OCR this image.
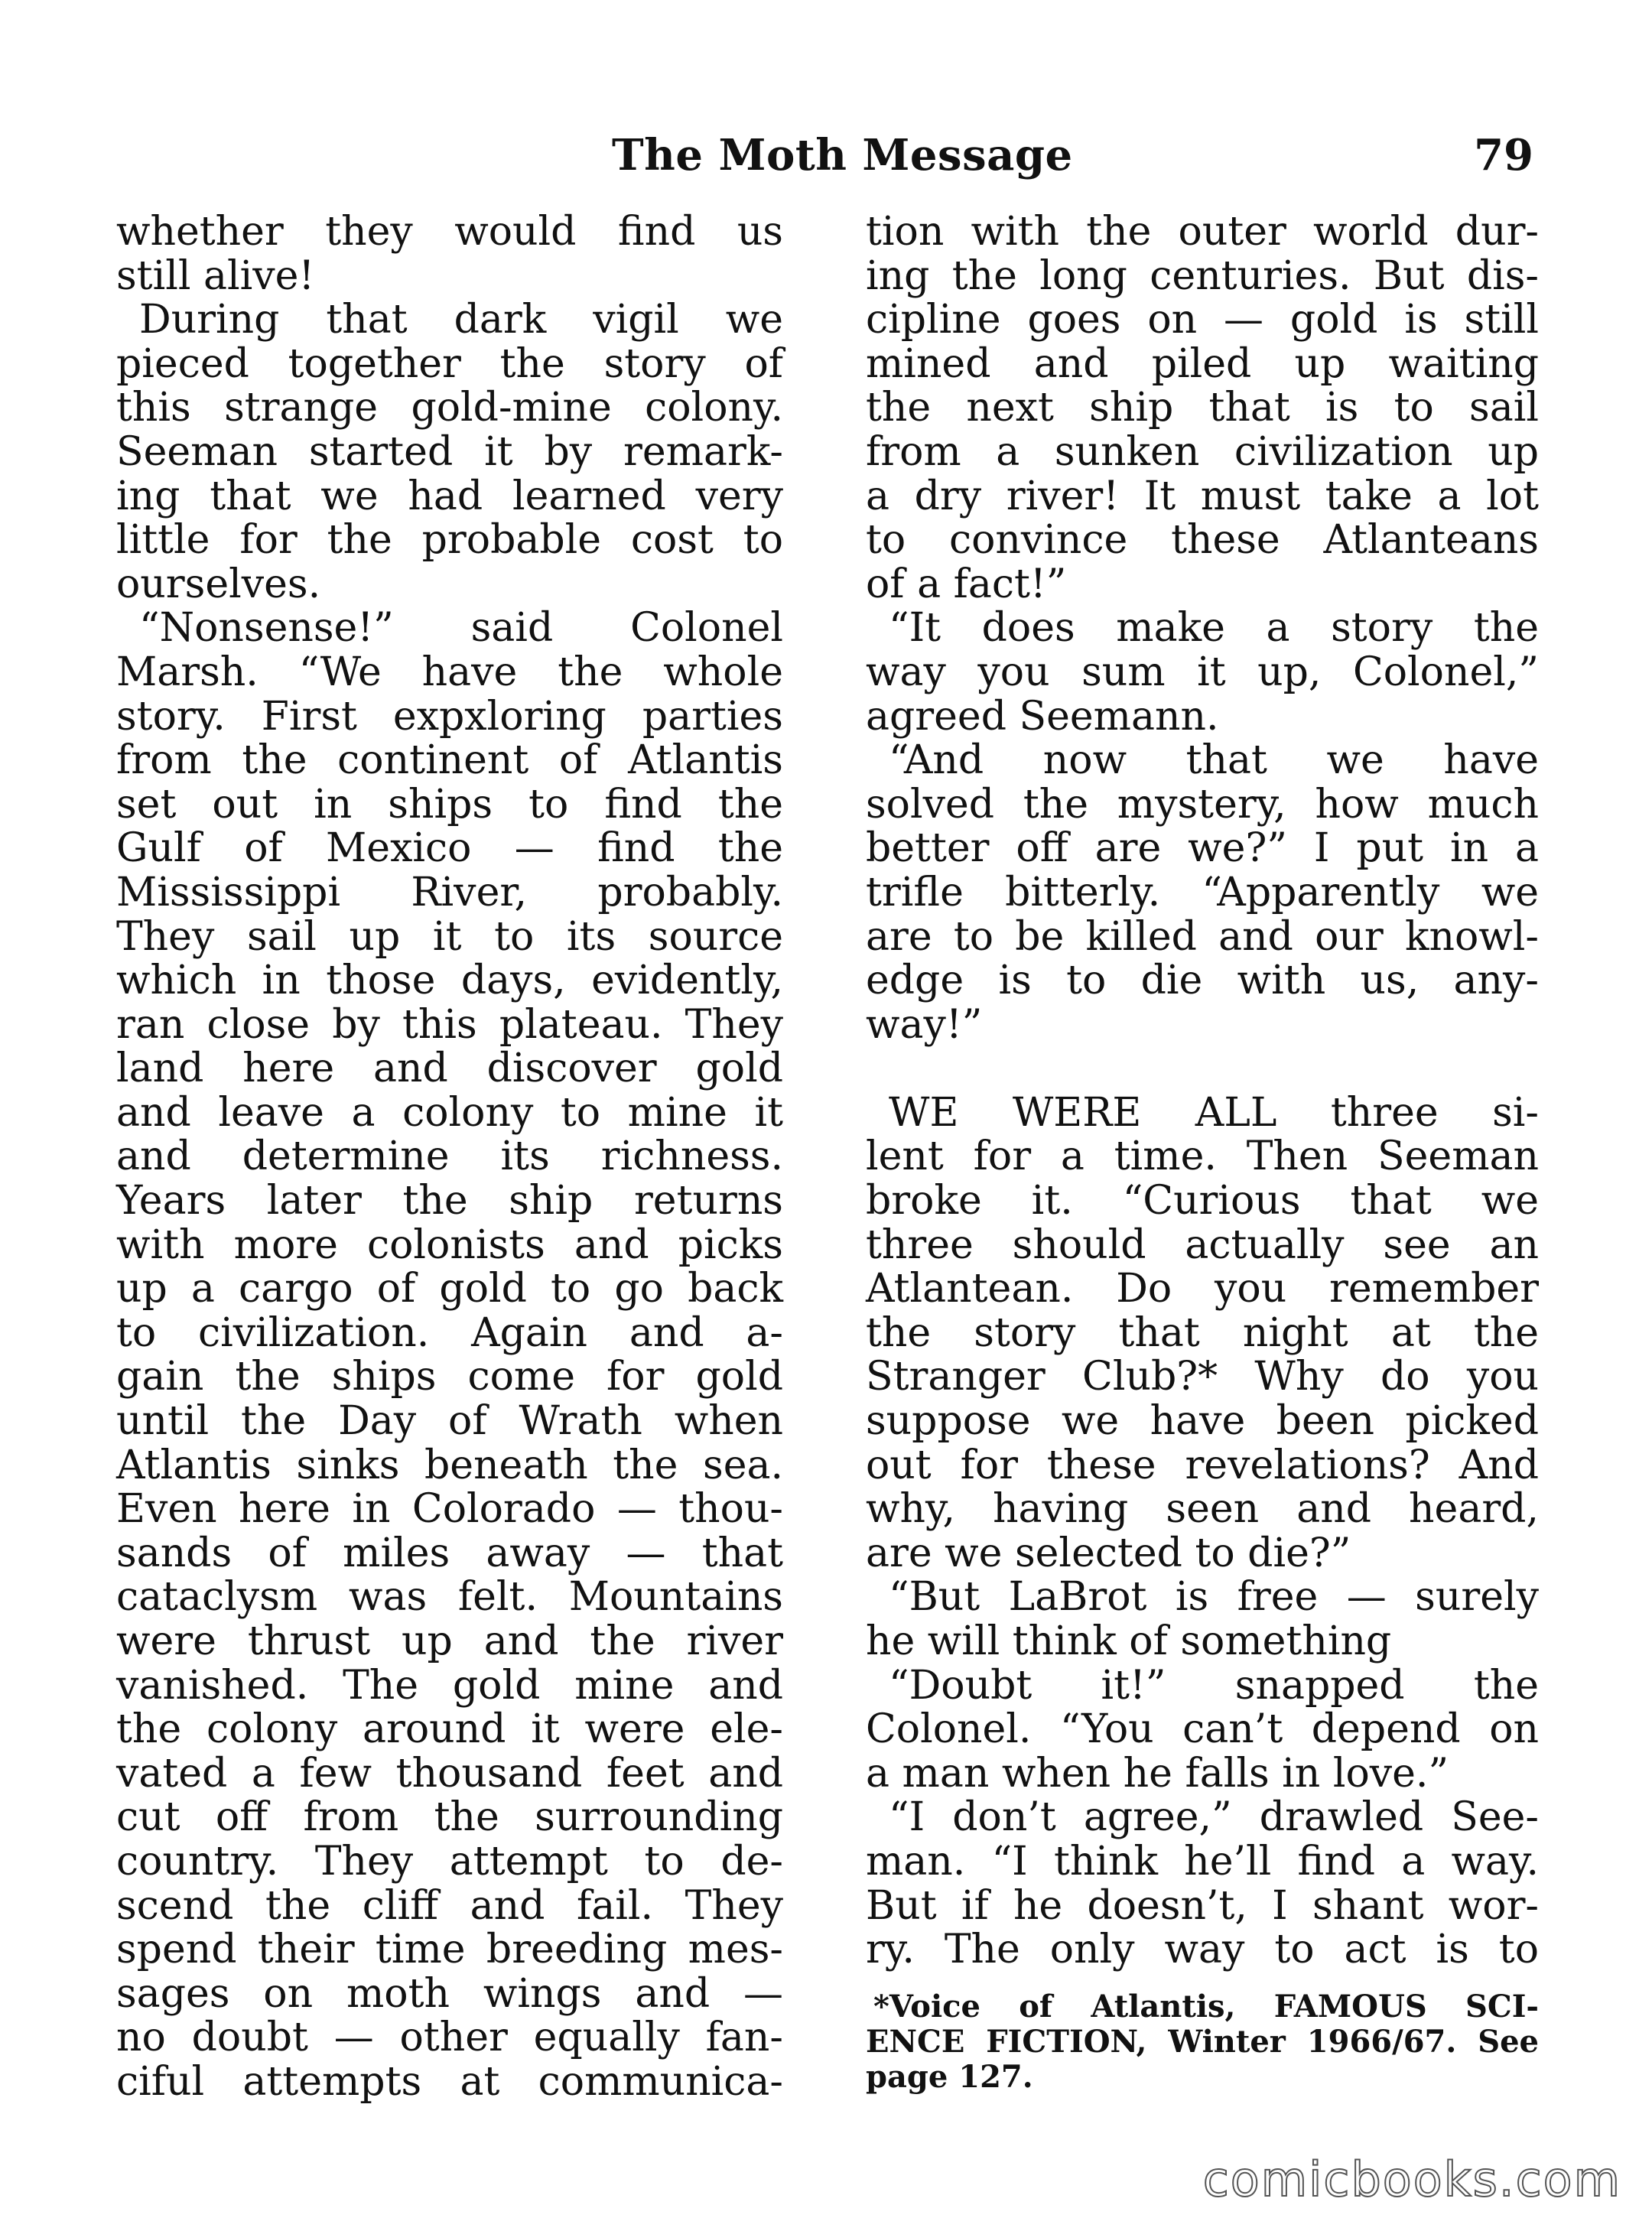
The Moth Message	79
whether they would find us
still alive!
During that dark vigil we
pieced together the story of
this strange gold-mine colony.
Seeman started it by remark-
ing that we had learned very
little for the probable cost to
ourselves.
“Nonsense!” said Colonel
Marsh. “We have the whole
story. First expxloring parties
from the continent of Atlantis
set out in ships to find the
Gulf of Mexico — find the
Mississippi River, probably.
They sail up it to its source
which in those days, evidently,
ran close by this plateau. They
land here and discover gold
and leave a colony to mine it
and determine its richness.
Years later the ship returns
with more colonists and picks
up a cargo of gold to go back
to civilization. Again and a-
gain the ships come for gold
until the Day of Wrath when
Atlantis sinks beneath the sea.
Even here in Colorado — thou-
sands of miles away — that
cataclysm was felt. Mountains
were thrust up and the river
vanished. The gold mine and
the colony around it were ele-
vated a few thousand feet and
cut off from the surrounding
country. They attempt to de-
scend the cliff and fail. They
spend their time breeding mes-
sages on moth wings and —
no doubt — other equally fan-
ciful attempts at communica-
tion with the outer world dur-
ing the long centuries. But dis-
cipline goes on — gold is still
mined and piled up waiting
the next ship that is to sail
from a sunken civilization up
a dry river! It must take a lot
to convince these Atlanteans
of a fact!”
“It does make a story the
way you sum it up, Colonel,”
agreed Seemann.
“And now that we have
solved the mystery, how much
better off are we?” I put in a
trifle bitterly. “Apparently we
are to be killed and our knowl-
edge is to die with us, any-
way!”
WE WERE ALL three si-
lent for a time. Then Seeman
broke it. “Curious that we
three should actually see an
Atlantean. Do you remember
the story that night at the
Stranger Club?* Why do you
suppose we have been picked
out for these revelations? And
why, having seen and heard,
are we selected to die?”
“But LaBrot is free — surely
he will think of something
“Doubt it!” snapped the
Colonel. “You can’t depend on
a man when he falls in love.”
“I don’t agree,” drawled See-
man. “I think he’ll find a way.
But if he doesn’t, I shant wor-
ry. The only way to act is to
*Voice of Atlantis, FAMOUS SCI-
ENCE FICTION, Winter 1966/67. See
page 127.
comicbooks.com
